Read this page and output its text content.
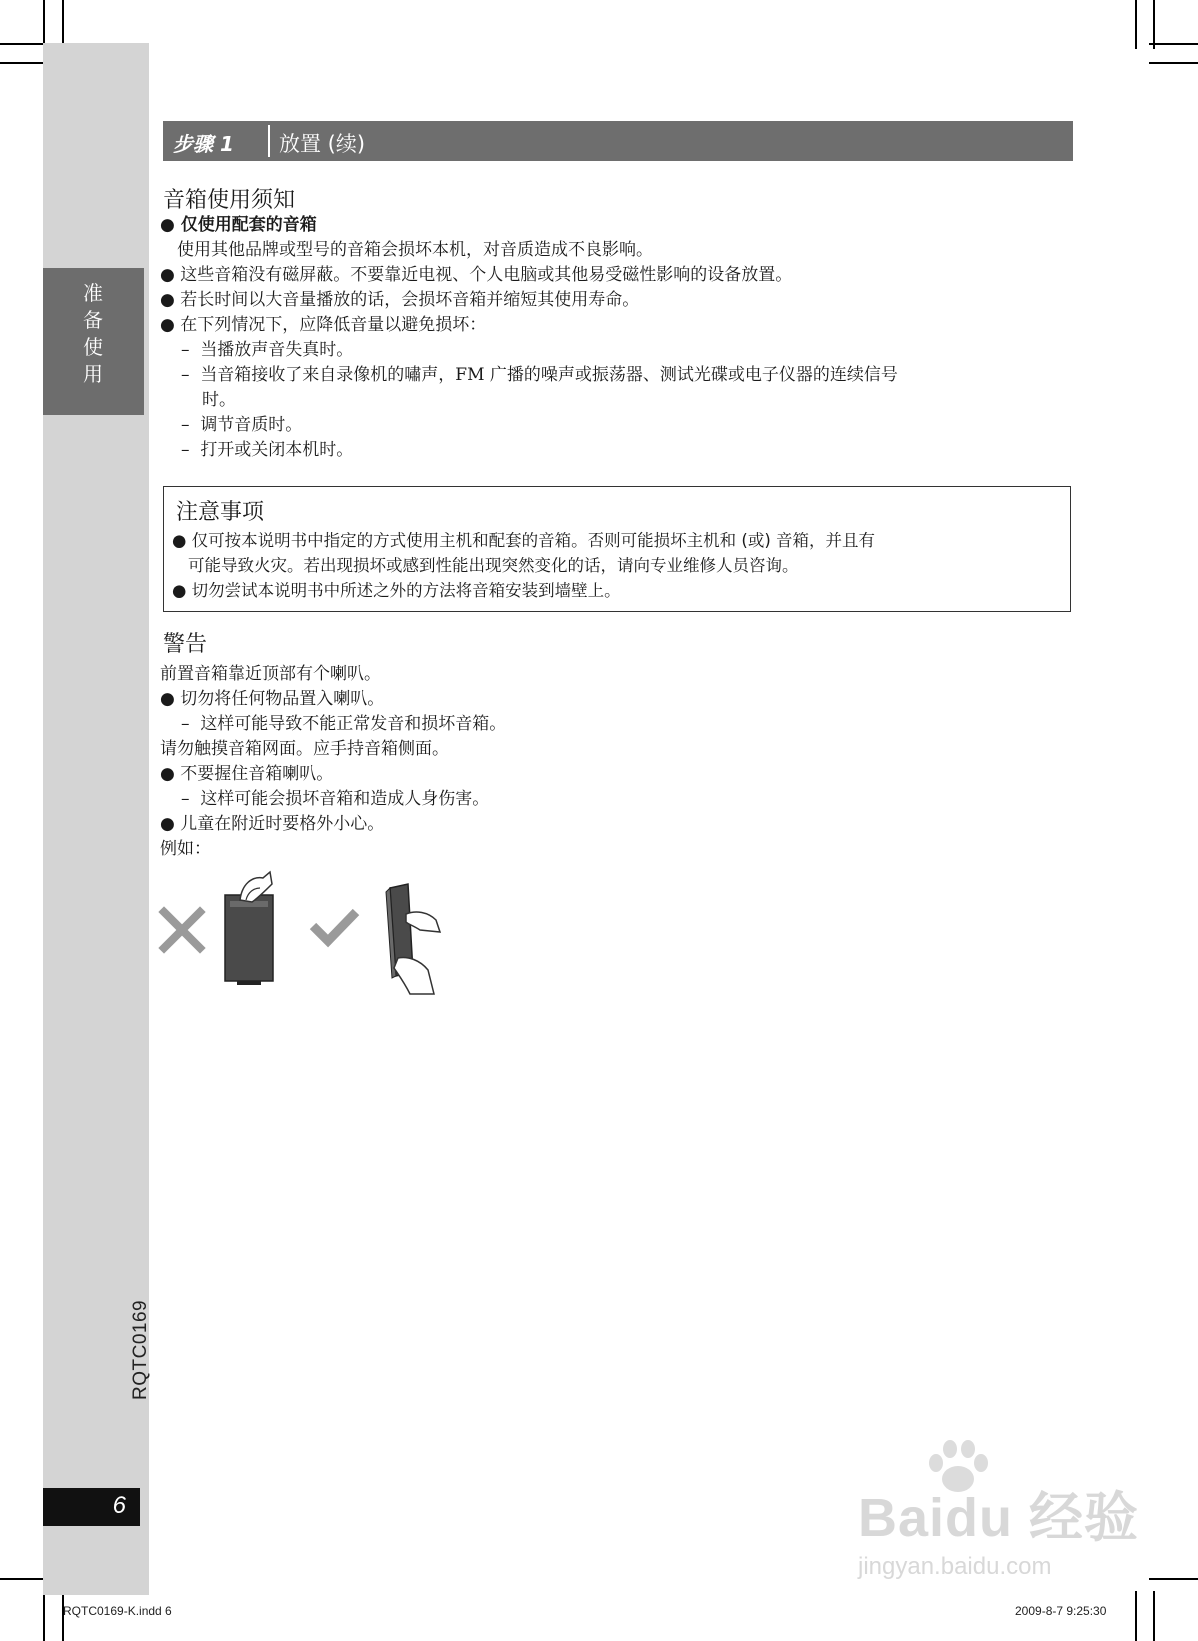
准
备
使
用
RQTC0169
6
步骤 1 放置 (续)
音箱使用须知
● 仅使用配套的音箱
使用其他品牌或型号的音箱会损坏本机，对音质造成不良影响。
● 这些音箱没有磁屏蔽。不要靠近电视、个人电脑或其他易受磁性影响的设备放置。
● 若长时间以大音量播放的话，会损坏音箱并缩短其使用寿命。
● 在下列情况下，应降低音量以避免损坏：
–  当播放声音失真时。
–  当音箱接收了来自录像机的嘯声，FM 广播的噪声或振荡器、测试光碟或电子仪器的连续信号
时。
–  调节音质时。
–  打开或关闭本机时。
注意事项
● 仅可按本说明书中指定的方式使用主机和配套的音箱。否则可能损坏主机和 (或) 音箱，并且有
可能导致火灾。若出现损坏或感到性能出现突然变化的话，请向专业维修人员咨询。
● 切勿尝试本说明书中所述之外的方法将音箱安装到墙壁上。
警告
前置音箱靠近顶部有个喇叭。
● 切勿将任何物品置入喇叭。
–  这样可能导致不能正常发音和损坏音箱。
请勿触摸音箱网面。应手持音箱侧面。
● 不要握住音箱喇叭。
–  这样可能会损坏音箱和造成人身伤害。
● 儿童在附近时要格外小心。
例如：
Baidu 经验
jingyan.baidu.com
RQTC0169-K.indd 6	2009-8-7 9:25:30
